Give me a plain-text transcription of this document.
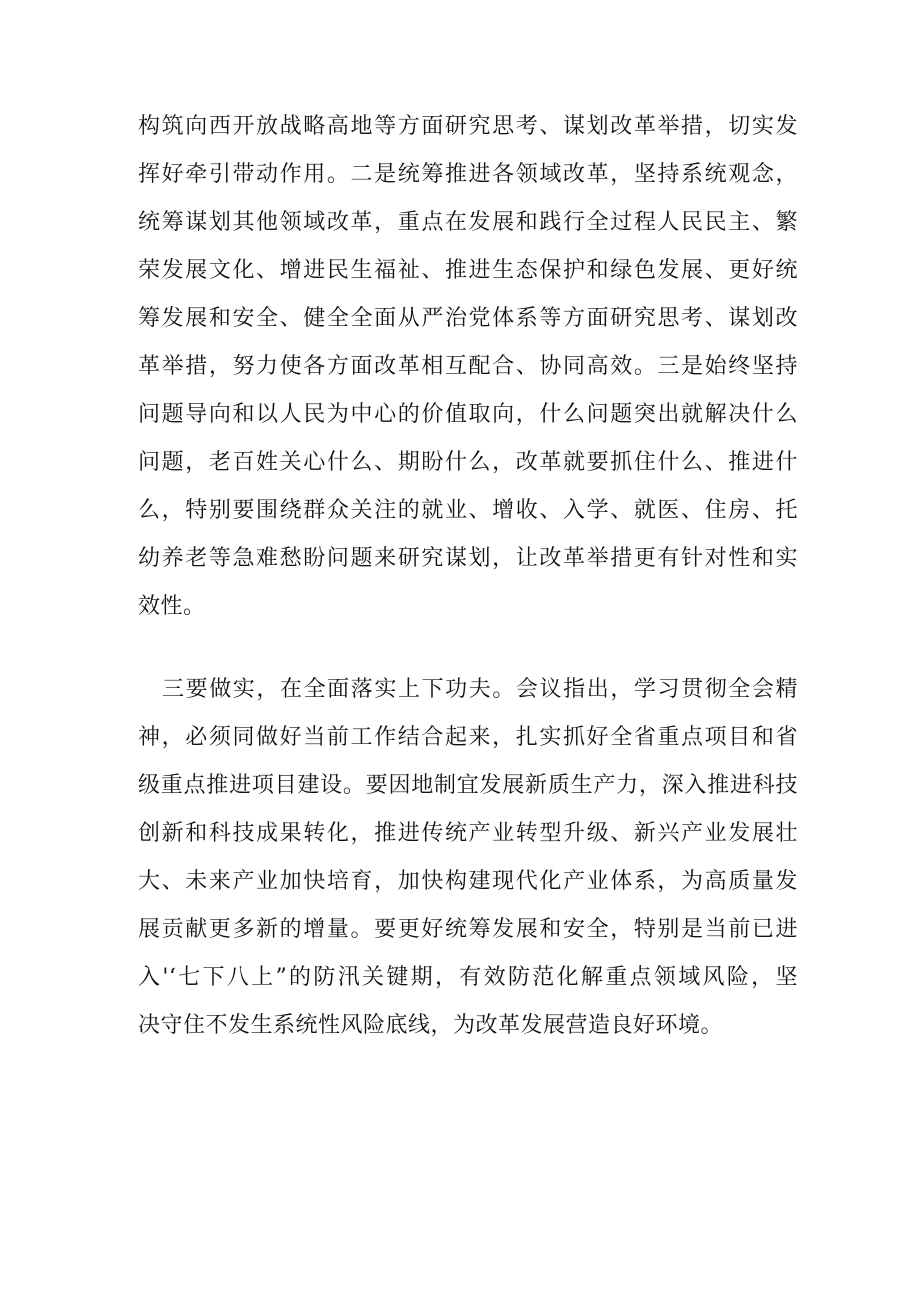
构筑向西开放战略高地等方面研究思考、谋划改革举措，切实发
挥好牵引带动作用。二是统筹推进各领域改革，坚持系统观念，
统筹谋划其他领域改革，重点在发展和践行全过程人民民主、繁
荣发展文化、增进民生福祉、推进生态保护和绿色发展、更好统
筹发展和安全、健全全面从严治党体系等方面研究思考、谋划改
革举措，努力使各方面改革相互配合、协同高效。三是始终坚持
问题导向和以人民为中心的价值取向，什么问题突出就解决什么
问题，老百姓关心什么、期盼什么，改革就要抓住什么、推进什
么，特别要围绕群众关注的就业、增收、入学、就医、住房、托
幼养老等急难愁盼问题来研究谋划，让改革举措更有针对性和实
效性。
三要做实，在全面落实上下功夫。会议指出，学习贯彻全会精
神，必须同做好当前工作结合起来，扎实抓好全省重点项目和省
级重点推进项目建设。要因地制宜发展新质生产力，深入推进科技
创新和科技成果转化，推进传统产业转型升级、新兴产业发展壮
大、未来产业加快培育，加快构建现代化产业体系，为高质量发
展贡献更多新的增量。要更好统筹发展和安全，特别是当前已进
入'‘七下八上”的防汛关键期，有效防范化解重点领域风险，坚
决守住不发生系统性风险底线，为改革发展营造良好环境。
